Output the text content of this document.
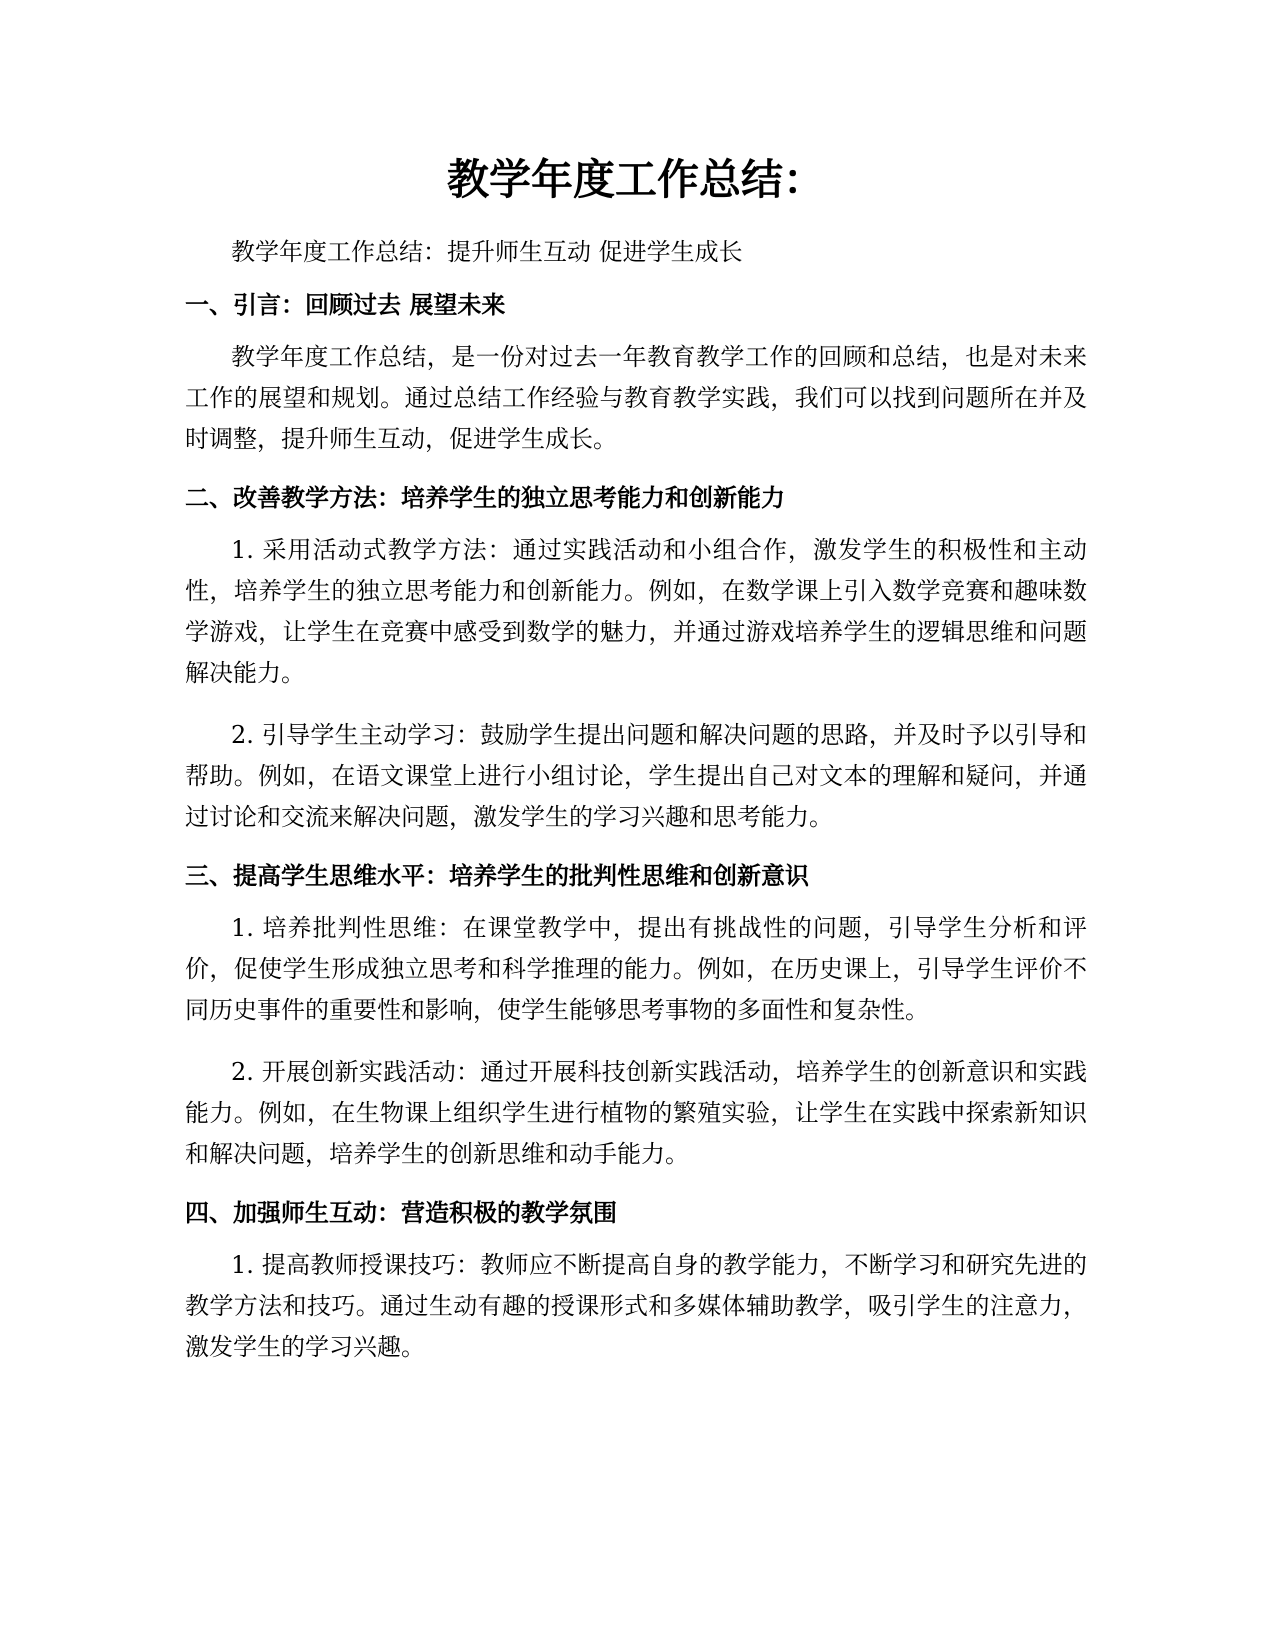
教学年度工作总结：

教学年度工作总结：提升师生互动 促进学生成长

一、引言：回顾过去 展望未来

教学年度工作总结，是一份对过去一年教育教学工作的回顾和总结，也是对未来工作的展望和规划。通过总结工作经验与教育教学实践，我们可以找到问题所在并及时调整，提升师生互动，促进学生成长。

二、改善教学方法：培养学生的独立思考能力和创新能力

1. 采用活动式教学方法：通过实践活动和小组合作，激发学生的积极性和主动性，培养学生的独立思考能力和创新能力。例如，在数学课上引入数学竞赛和趣味数学游戏，让学生在竞赛中感受到数学的魅力，并通过游戏培养学生的逻辑思维和问题解决能力。

2. 引导学生主动学习：鼓励学生提出问题和解决问题的思路，并及时予以引导和帮助。例如，在语文课堂上进行小组讨论，学生提出自己对文本的理解和疑问，并通过讨论和交流来解决问题，激发学生的学习兴趣和思考能力。

三、提高学生思维水平：培养学生的批判性思维和创新意识

1. 培养批判性思维：在课堂教学中，提出有挑战性的问题，引导学生分析和评价，促使学生形成独立思考和科学推理的能力。例如，在历史课上，引导学生评价不同历史事件的重要性和影响，使学生能够思考事物的多面性和复杂性。

2. 开展创新实践活动：通过开展科技创新实践活动，培养学生的创新意识和实践能力。例如，在生物课上组织学生进行植物的繁殖实验，让学生在实践中探索新知识和解决问题，培养学生的创新思维和动手能力。

四、加强师生互动：营造积极的教学氛围

1. 提高教师授课技巧：教师应不断提高自身的教学能力，不断学习和研究先进的教学方法和技巧。通过生动有趣的授课形式和多媒体辅助教学，吸引学生的注意力，激发学生的学习兴趣。
